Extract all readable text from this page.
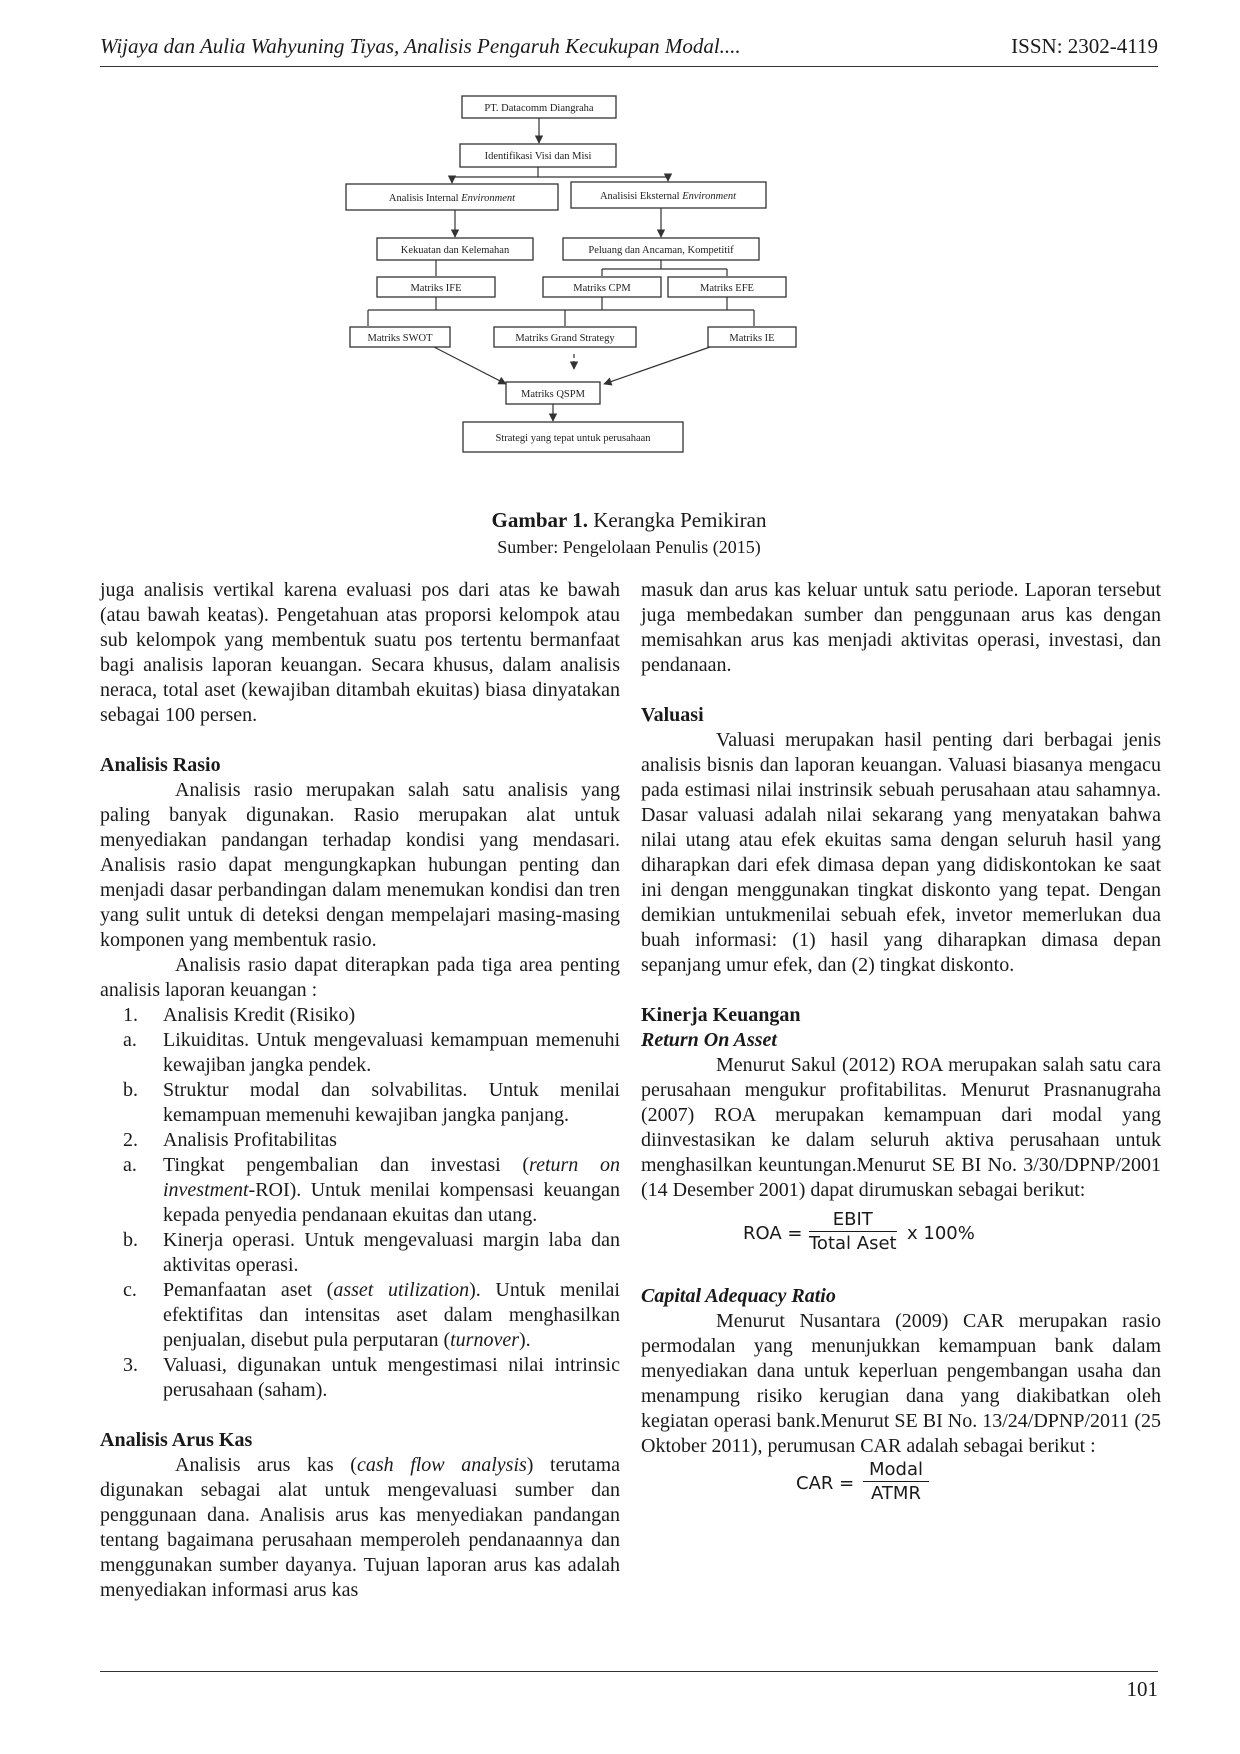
Wijaya dan Aulia Wahyuning Tiyas, Analisis Pengaruh Kecukupan Modal....	ISSN: 2302-4119
PT. Datacomm Diangraha
Identifikasi Visi dan Misi
Analisis Internal Environment	Analisisi Eksternal Environment
Kekuatan dan Kelemahan	Peluang dan Ancaman, Kompetitif
Matriks IFE	Matriks CPM	Matriks EFE
Matriks SWOT	Matriks Grand Strategy	Matriks IE
Matriks QSPM
Strategi yang tepat untuk perusahaan
Gambar 1. Kerangka Pemikiran
Sumber: Pengelolaan Penulis (2015)

juga analisis vertikal karena evaluasi pos dari atas ke bawah (atau bawah keatas). Pengetahuan atas proporsi kelompok atau sub kelompok yang membentuk suatu pos tertentu bermanfaat bagi analisis laporan keuangan. Secara khusus, dalam analisis neraca, total aset (kewajiban ditambah ekuitas) biasa dinyatakan sebagai 100 persen.

Analisis Rasio

Analisis rasio merupakan salah satu analisis yang paling banyak digunakan. Rasio merupakan alat untuk menyediakan pandangan terhadap kondisi yang mendasari. Analisis rasio dapat mengungkapkan hubungan penting dan menjadi dasar perbandingan dalam menemukan kondisi dan tren yang sulit untuk di deteksi dengan mempelajari masing-masing komponen yang membentuk rasio.

Analisis rasio dapat diterapkan pada tiga area penting analisis laporan keuangan :

1. Analisis Kredit (Risiko)
a. Likuiditas. Untuk mengevaluasi kemampuan memenuhi kewajiban jangka pendek.
b. Struktur modal dan solvabilitas. Untuk menilai kemampuan memenuhi kewajiban jangka panjang.
2. Analisis Profitabilitas
a. Tingkat pengembalian dan investasi (return on investment-ROI). Untuk menilai kompensasi keuangan kepada penyedia pendanaan ekuitas dan utang.
b. Kinerja operasi. Untuk mengevaluasi margin laba dan aktivitas operasi.
c. Pemanfaatan aset (asset utilization). Untuk menilai efektifitas dan intensitas aset dalam menghasilkan penjualan, disebut pula perputaran (turnover).
3. Valuasi, digunakan untuk mengestimasi nilai intrinsic perusahaan (saham).
Analisis Arus Kas

Analisis arus kas (cash flow analysis) terutama digunakan sebagai alat untuk mengevaluasi sumber dan penggunaan dana. Analisis arus kas menyediakan pandangan tentang bagaimana perusahaan memperoleh pendanaannya dan menggunakan sumber dayanya. Tujuan laporan arus kas adalah menyediakan informasi arus kas

masuk dan arus kas keluar untuk satu periode. Laporan tersebut juga membedakan sumber dan penggunaan arus kas dengan memisahkan arus kas menjadi aktivitas operasi, investasi, dan pendanaan.

Valuasi

Valuasi merupakan hasil penting dari berbagai jenis analisis bisnis dan laporan keuangan. Valuasi biasanya mengacu pada estimasi nilai instrinsik sebuah perusahaan atau sahamnya. Dasar valuasi adalah nilai sekarang yang menyatakan bahwa nilai utang atau efek ekuitas sama dengan seluruh hasil yang diharapkan dari efek dimasa depan yang didiskontokan ke saat ini dengan menggunakan tingkat diskonto yang tepat. Dengan demikian untukmenilai sebuah efek, invetor memerlukan dua buah informasi: (1) hasil yang diharapkan dimasa depan sepanjang umur efek, dan (2) tingkat diskonto.

Kinerja Keuangan
Return On Asset

Menurut Sakul (2012) ROA merupakan salah satu cara perusahaan mengukur profitabilitas. Menurut Prasnanugraha (2007) ROA merupakan kemampuan dari modal yang diinvestasikan ke dalam seluruh aktiva perusahaan untuk menghasilkan keuntungan.Menurut SE BI No. 3/30/DPNP/2001 (14 Desember 2001) dapat dirumuskan sebagai berikut:

ROA =
EBIT
Total Aset x 100%
Capital Adequacy Ratio

Menurut Nusantara (2009) CAR merupakan rasio permodalan yang menunjukkan kemampuan bank dalam menyediakan dana untuk keperluan pengembangan usaha dan menampung risiko kerugian dana yang diakibatkan oleh kegiatan operasi bank.Menurut SE BI No. 13/24/DPNP/2011 (25 Oktober 2011), perumusan CAR adalah sebagai berikut :

CAR =
Modal
ATMR
101
